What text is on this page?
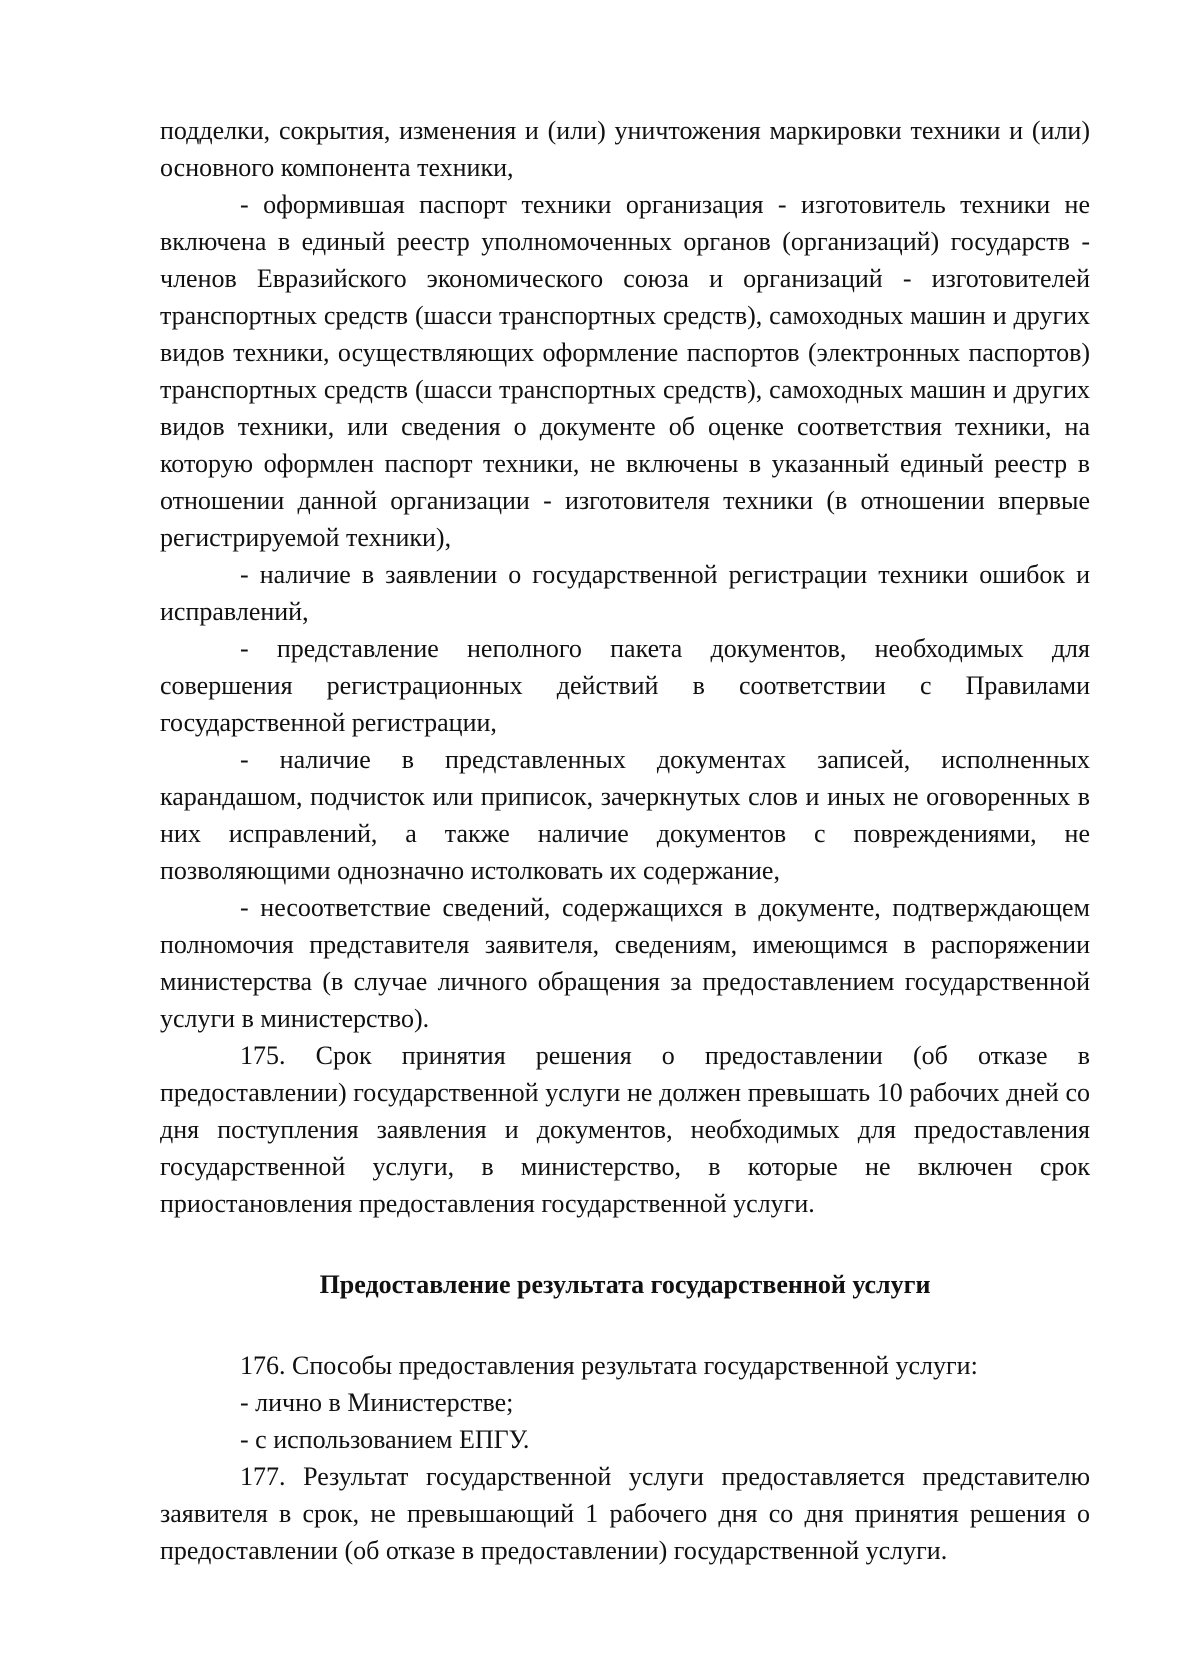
подделки, сокрытия, изменения и (или) уничтожения маркировки техники и (или) основного компонента техники,

- оформившая паспорт техники организация - изготовитель техники не включена в единый реестр уполномоченных органов (организаций) государств - членов Евразийского экономического союза и организаций - изготовителей транспортных средств (шасси транспортных средств), самоходных машин и других видов техники, осуществляющих оформление паспортов (электронных паспортов) транспортных средств (шасси транспортных средств), самоходных машин и других видов техники, или сведения о документе об оценке соответствия техники, на которую оформлен паспорт техники, не включены в указанный единый реестр в отношении данной организации - изготовителя техники (в отношении впервые регистрируемой техники),

- наличие в заявлении о государственной регистрации техники ошибок и исправлений,

- представление неполного пакета документов, необходимых для совершения регистрационных действий в соответствии с Правилами государственной регистрации,

- наличие в представленных документах записей, исполненных карандашом, подчисток или приписок, зачеркнутых слов и иных не оговоренных в них исправлений, а также наличие документов с повреждениями, не позволяющими однозначно истолковать их содержание,

- несоответствие сведений, содержащихся в документе, подтверждающем полномочия представителя заявителя, сведениям, имеющимся в распоряжении министерства (в случае личного обращения за предоставлением государственной услуги в министерство).

175. Срок принятия решения о предоставлении (об отказе в предоставлении) государственной услуги не должен превышать 10 рабочих дней со дня поступления заявления и документов, необходимых для предоставления государственной услуги, в министерство, в которые не включен срок приостановления предоставления государственной услуги.

Предоставление результата государственной услуги

176. Способы предоставления результата государственной услуги:

- лично в Министерстве;

- с использованием ЕПГУ.

177. Результат государственной услуги предоставляется представителю заявителя в срок, не превышающий 1 рабочего дня со дня принятия решения о предоставлении (об отказе в предоставлении) государственной услуги.
